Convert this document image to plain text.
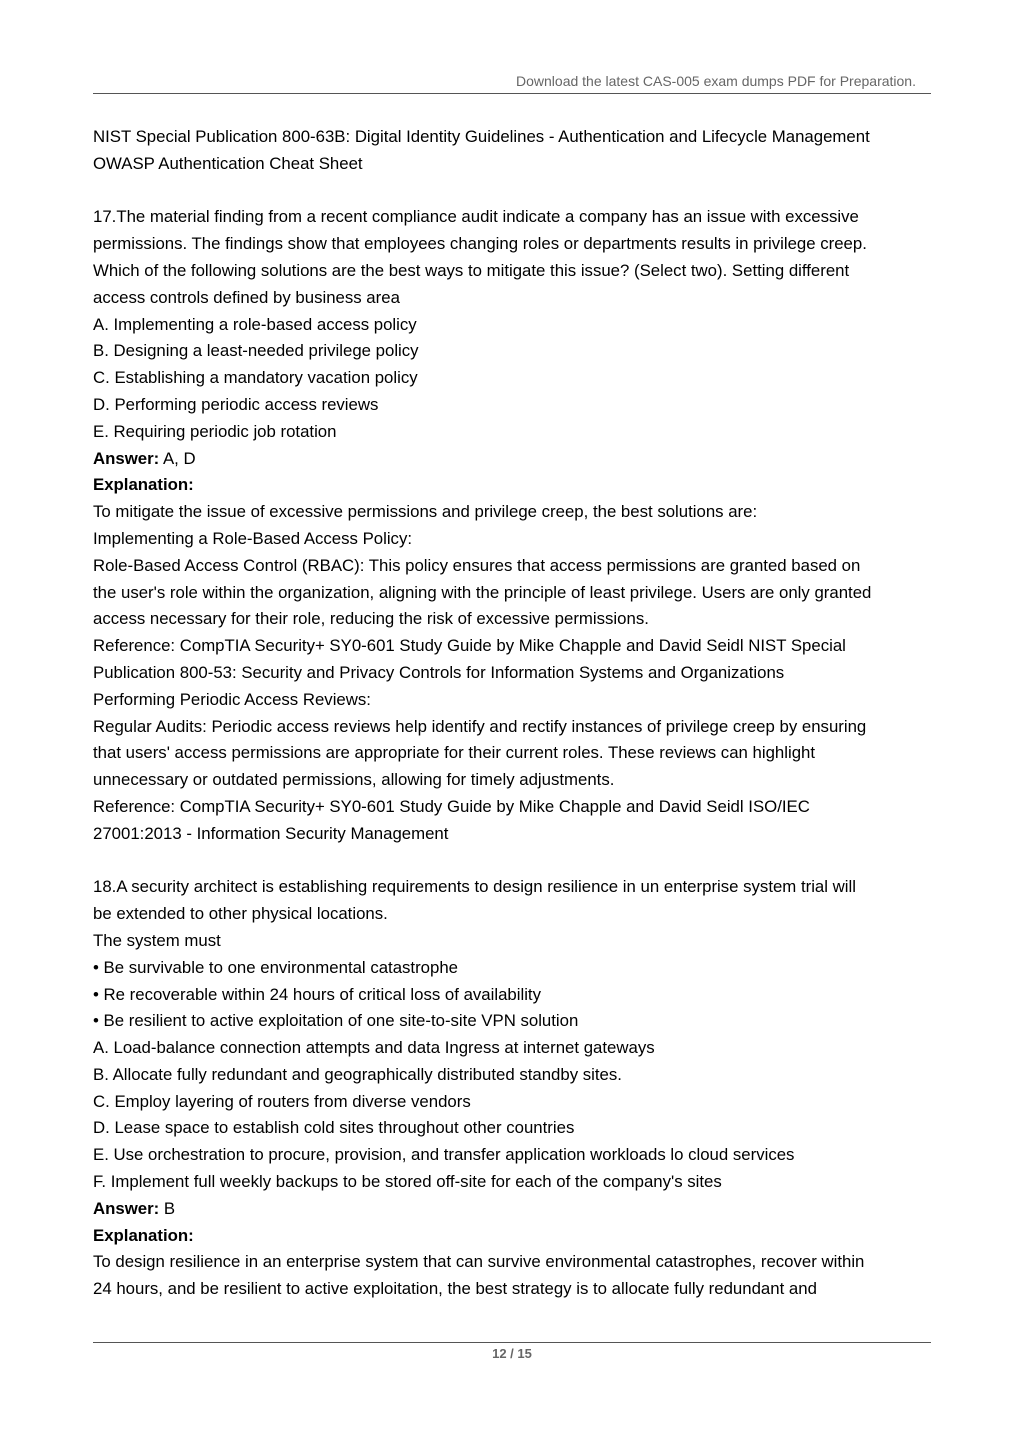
Download the latest CAS-005 exam dumps PDF for Preparation.

NIST Special Publication 800-63B: Digital Identity Guidelines - Authentication and Lifecycle Management

OWASP Authentication Cheat Sheet

17.The material finding from a recent compliance audit indicate a company has an issue with excessive

permissions. The findings show that employees changing roles or departments results in privilege creep.

Which of the following solutions are the best ways to mitigate this issue? (Select two). Setting different

access controls defined by business area

A. Implementing a role-based access policy

B. Designing a least-needed privilege policy

C. Establishing a mandatory vacation policy

D. Performing periodic access reviews

E. Requiring periodic job rotation

Answer: A, D

Explanation:

To mitigate the issue of excessive permissions and privilege creep, the best solutions are:

Implementing a Role-Based Access Policy:

Role-Based Access Control (RBAC): This policy ensures that access permissions are granted based on

the user's role within the organization, aligning with the principle of least privilege. Users are only granted

access necessary for their role, reducing the risk of excessive permissions.

Reference: CompTIA Security+ SY0-601 Study Guide by Mike Chapple and David Seidl NIST Special

Publication 800-53: Security and Privacy Controls for Information Systems and Organizations

Performing Periodic Access Reviews:

Regular Audits: Periodic access reviews help identify and rectify instances of privilege creep by ensuring

that users' access permissions are appropriate for their current roles. These reviews can highlight

unnecessary or outdated permissions, allowing for timely adjustments.

Reference: CompTIA Security+ SY0-601 Study Guide by Mike Chapple and David Seidl ISO/IEC

27001:2013 - Information Security Management

18.A security architect is establishing requirements to design resilience in un enterprise system trial will

be extended to other physical locations.

The system must

• Be survivable to one environmental catastrophe

• Re recoverable within 24 hours of critical loss of availability

• Be resilient to active exploitation of one site-to-site VPN solution

A. Load-balance connection attempts and data Ingress at internet gateways

B. Allocate fully redundant and geographically distributed standby sites.

C. Employ layering of routers from diverse vendors

D. Lease space to establish cold sites throughout other countries

E. Use orchestration to procure, provision, and transfer application workloads lo cloud services

F. Implement full weekly backups to be stored off-site for each of the company's sites

Answer: B

Explanation:

To design resilience in an enterprise system that can survive environmental catastrophes, recover within

24 hours, and be resilient to active exploitation, the best strategy is to allocate fully redundant and

12 / 15
